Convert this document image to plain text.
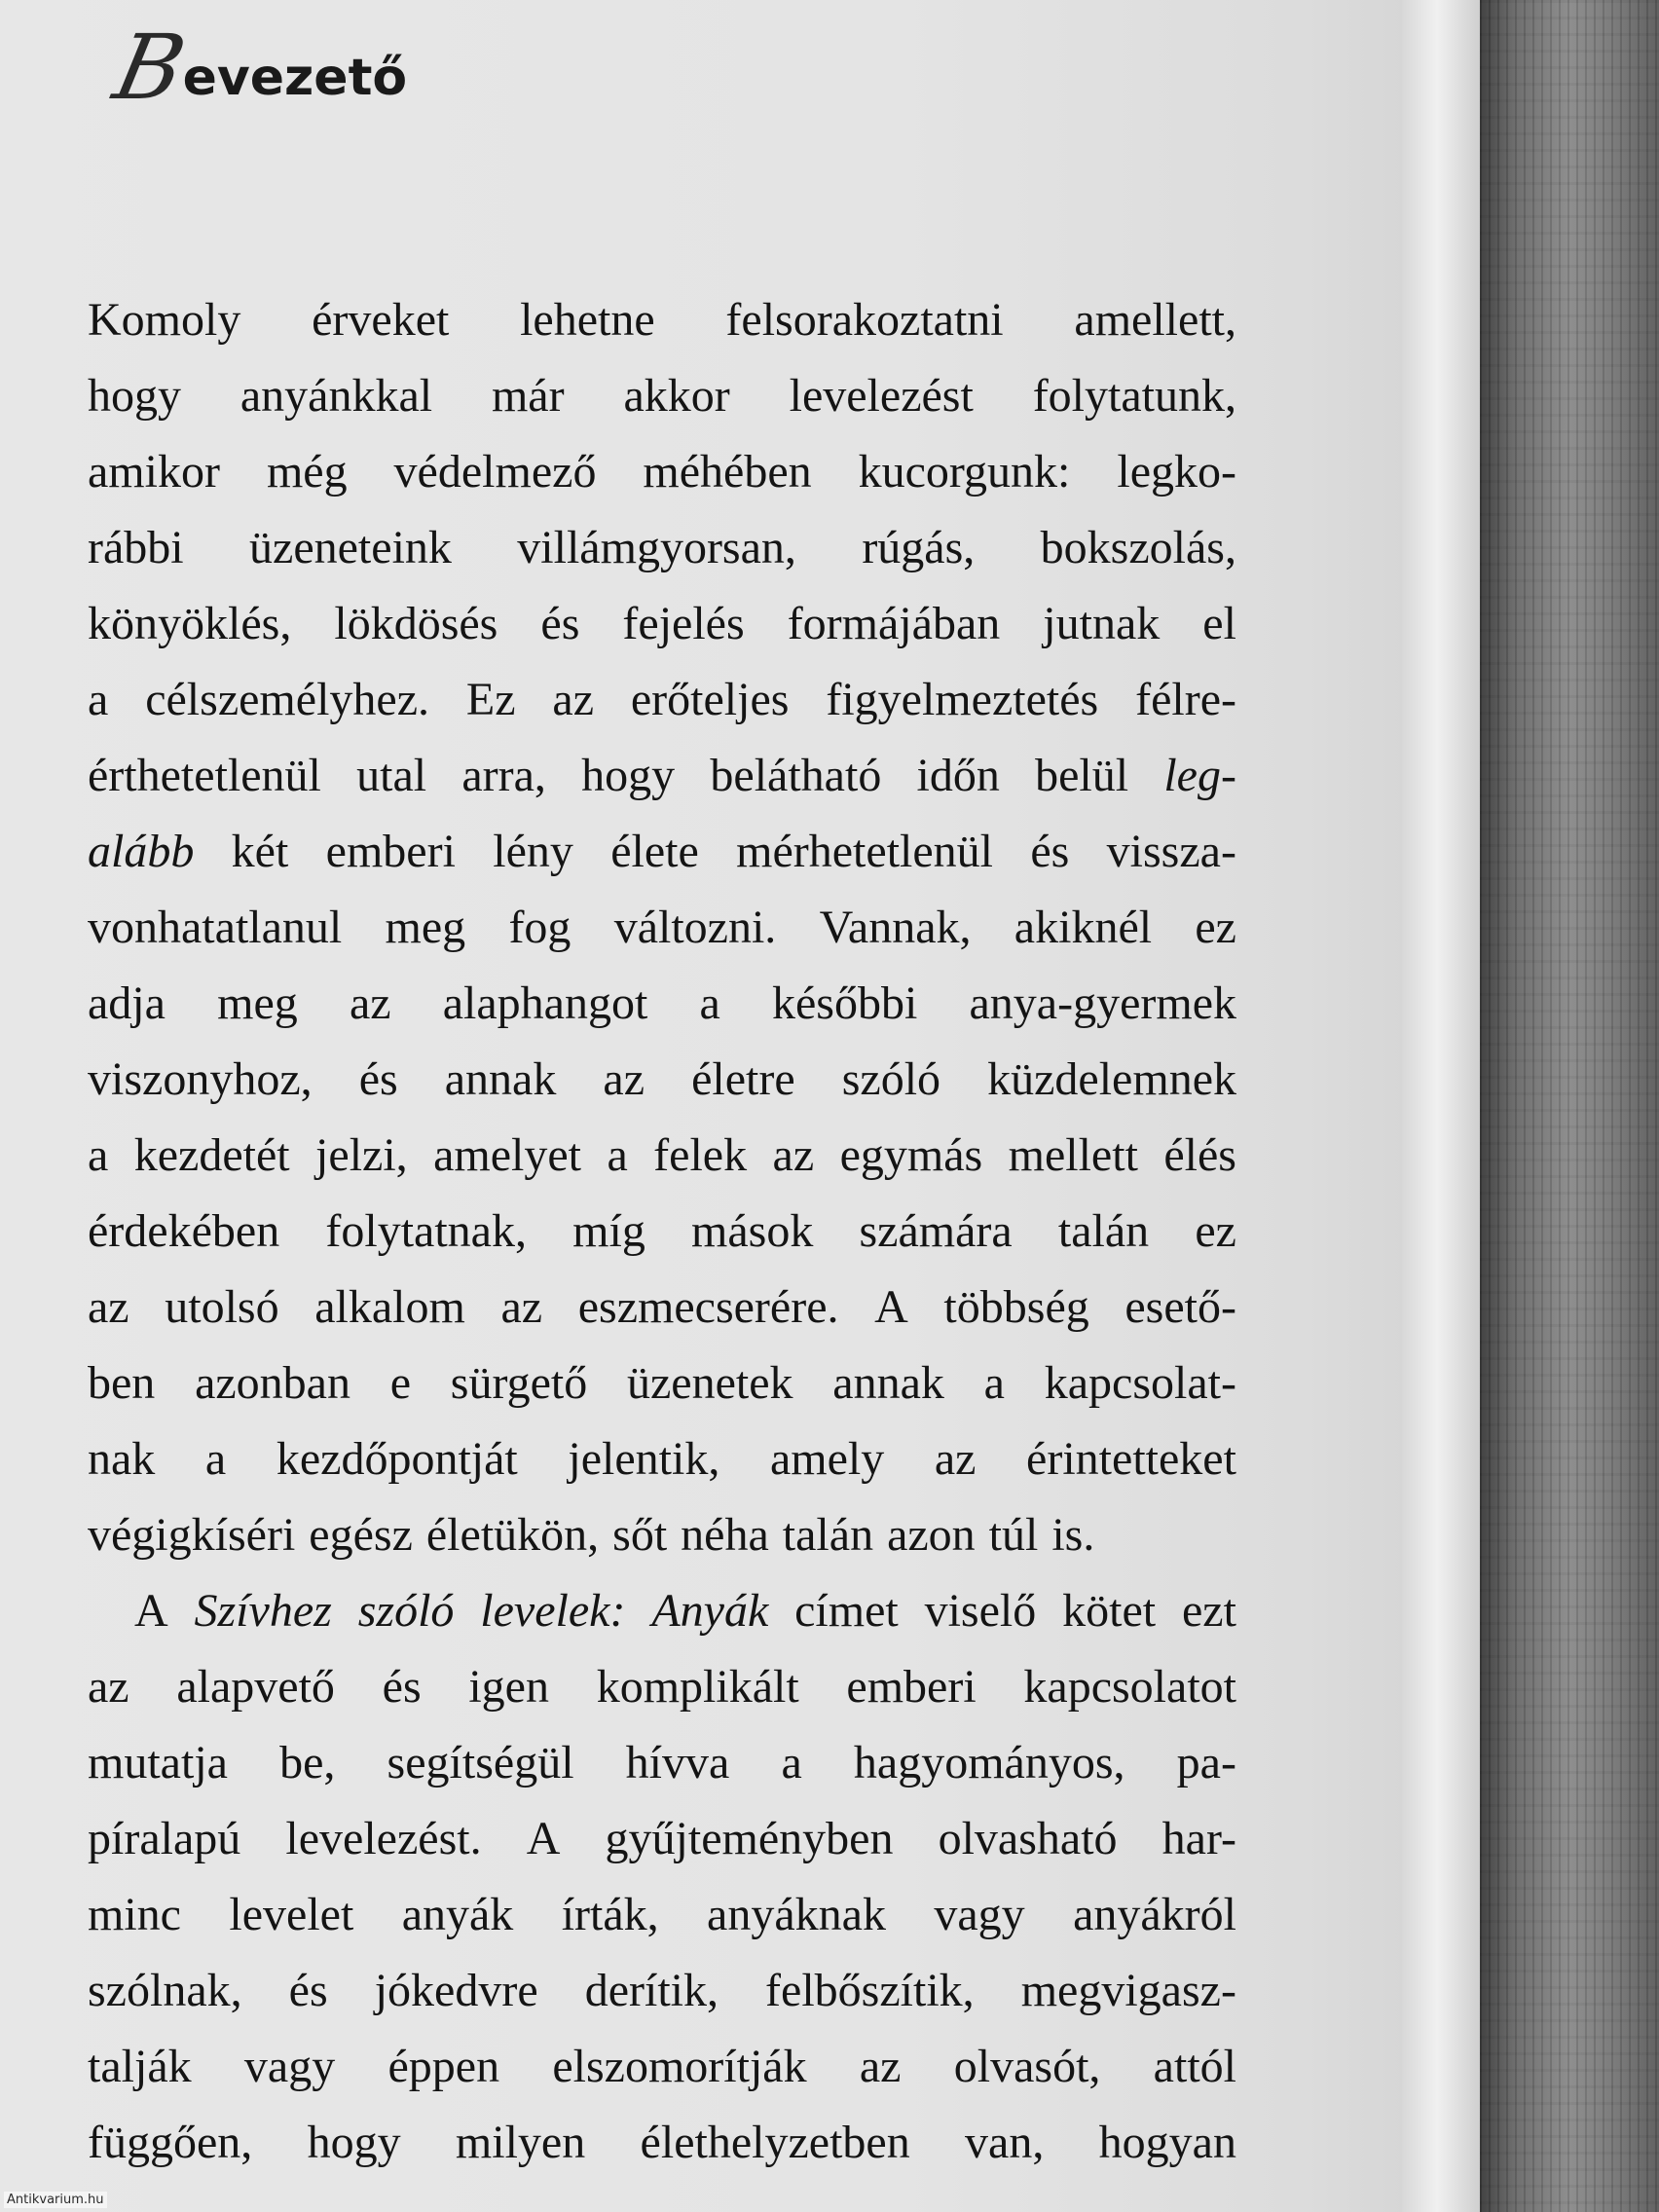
B
evezető
Komoly érveket lehetne felsorakoztatni amellett,
hogy anyánkkal már akkor levelezést folytatunk,
amikor még védelmező méhében kucorgunk: legko-
rábbi üzeneteink villámgyorsan, rúgás, bokszolás,
könyöklés, lökdösés és fejelés formájában jutnak el
a célszemélyhez. Ez az erőteljes figyelmeztetés félre-
érthetetlenül utal arra, hogy belátható időn belül leg-
alább két emberi lény élete mérhetetlenül és vissza-
vonhatatlanul meg fog változni. Vannak, akiknél ez
adja meg az alaphangot a későbbi anya-gyermek
viszonyhoz, és annak az életre szóló küzdelemnek
a kezdetét jelzi, amelyet a felek az egymás mellett élés
érdekében folytatnak, míg mások számára talán ez
az utolsó alkalom az eszmecserére. A többség esető-
ben azonban e sürgető üzenetek annak a kapcsolat-
nak a kezdőpontját jelentik, amely az érintetteket
végigkíséri egész életükön, sőt néha talán azon túl is.
A Szívhez szóló levelek: Anyák címet viselő kötet ezt
az alapvető és igen komplikált emberi kapcsolatot
mutatja be, segítségül hívva a hagyományos, pa-
píralapú levelezést. A gyűjteményben olvasható har-
minc levelet anyák írták, anyáknak vagy anyákról
szólnak, és jókedvre derítik, felbőszítik, megvigasz-
talják vagy éppen elszomorítják az olvasót, attól
függően, hogy milyen élethelyzetben van, hogyan
Antikvarium.hu
